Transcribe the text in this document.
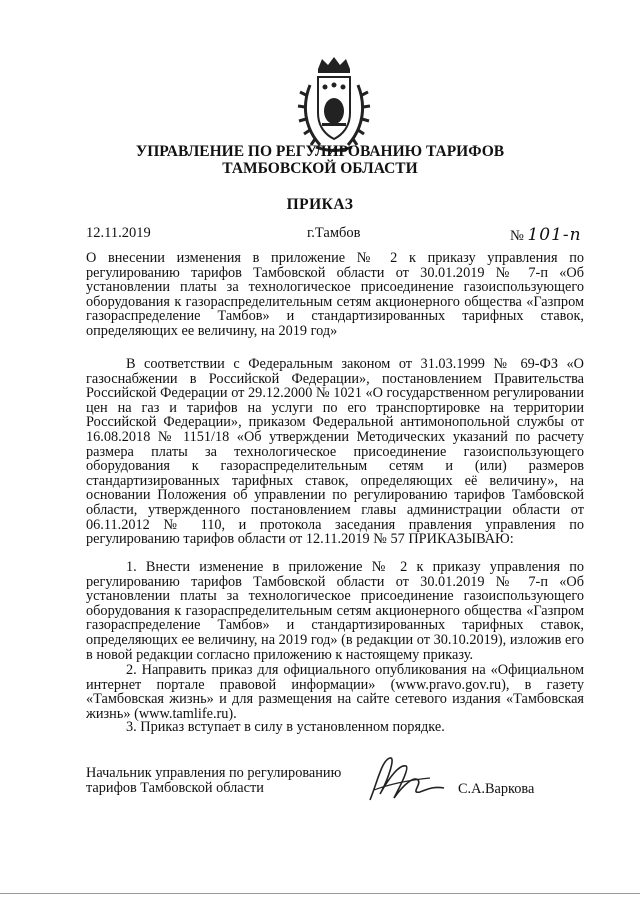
УПРАВЛЕНИЕ ПО РЕГУЛИРОВАНИЮ ТАРИФОВ
ТАМБОВСКОЙ ОБЛАСТИ
ПРИКАЗ
12.11.2019	г.Тамбов	№ 101-п
О внесении изменения в приложение № 2 к приказу управления по регулированию тарифов Тамбовской области от 30.01.2019 № 7-п «Об установлении платы за технологическое присоединение газоиспользующего оборудования к газораспределительным сетям акционерного общества «Газпром газораспределение Тамбов» и стандартизированных тарифных ставок, определяющих ее величину, на 2019 год»
В соответствии с Федеральным законом от 31.03.1999 № 69-ФЗ «О газоснабжении в Российской Федерации», постановлением Правительства Российской Федерации от 29.12.2000 № 1021 «О государственном регулировании цен на газ и тарифов на услуги по его транспортировке на территории Российской Федерации», приказом Федеральной антимонопольной службы от 16.08.2018 № 1151/18 «Об утверждении Методических указаний по расчету размера платы за технологическое присоединение газоиспользующего оборудования к газораспределительным сетям и (или) размеров стандартизированных тарифных ставок, определяющих её величину», на основании Положения об управлении по регулированию тарифов Тамбовской области, утвержденного постановлением главы администрации области от 06.11.2012 № 110, и протокола заседания правления управления по регулированию тарифов области от 12.11.2019 № 57 ПРИКАЗЫВАЮ:
1. Внести изменение в приложение № 2 к приказу управления по регулированию тарифов Тамбовской области от 30.01.2019 № 7-п «Об установлении платы за технологическое присоединение газоиспользующего оборудования к газораспределительным сетям акционерного общества «Газпром газораспределение Тамбов» и стандартизированных тарифных ставок, определяющих ее величину, на 2019 год» (в редакции от 30.10.2019), изложив его в новой редакции согласно приложению к настоящему приказу.
2. Направить приказ для официального опубликования на «Официальном интернет портале правовой информации» (www.pravo.gov.ru), в газету «Тамбовская жизнь» и для размещения на сайте сетевого издания «Тамбовская жизнь» (www.tamlife.ru).
3. Приказ вступает в силу в установленном порядке.
Начальник управления по регулированию
тарифов Тамбовской области	С.А.Варкова
